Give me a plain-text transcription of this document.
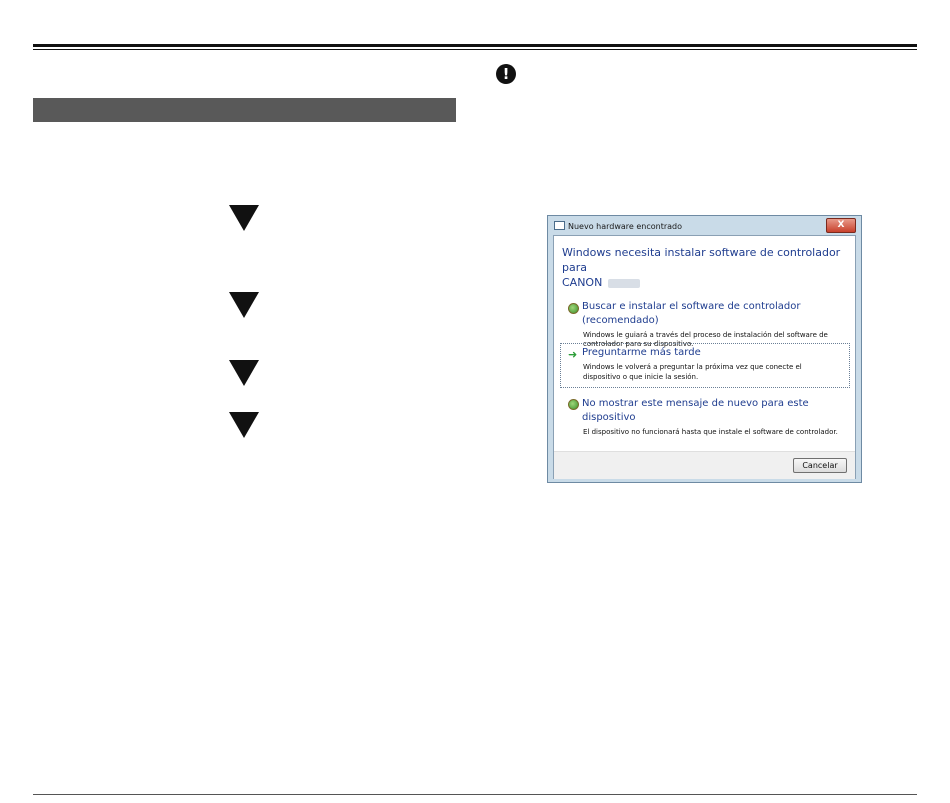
!
Nuevo hardware encontrado	X
Windows necesita instalar software de controlador para
CANON
Buscar e instalar el software de controlador
(recomendado)
Windows le guiará a través del proceso de instalación del software de
controlador para su dispositivo.
➜ Preguntarme más tarde
Windows le volverá a preguntar la próxima vez que conecte el
dispositivo o que inicie la sesión.
No mostrar este mensaje de nuevo para este
dispositivo
El dispositivo no funcionará hasta que instale el software de controlador.
Cancelar
